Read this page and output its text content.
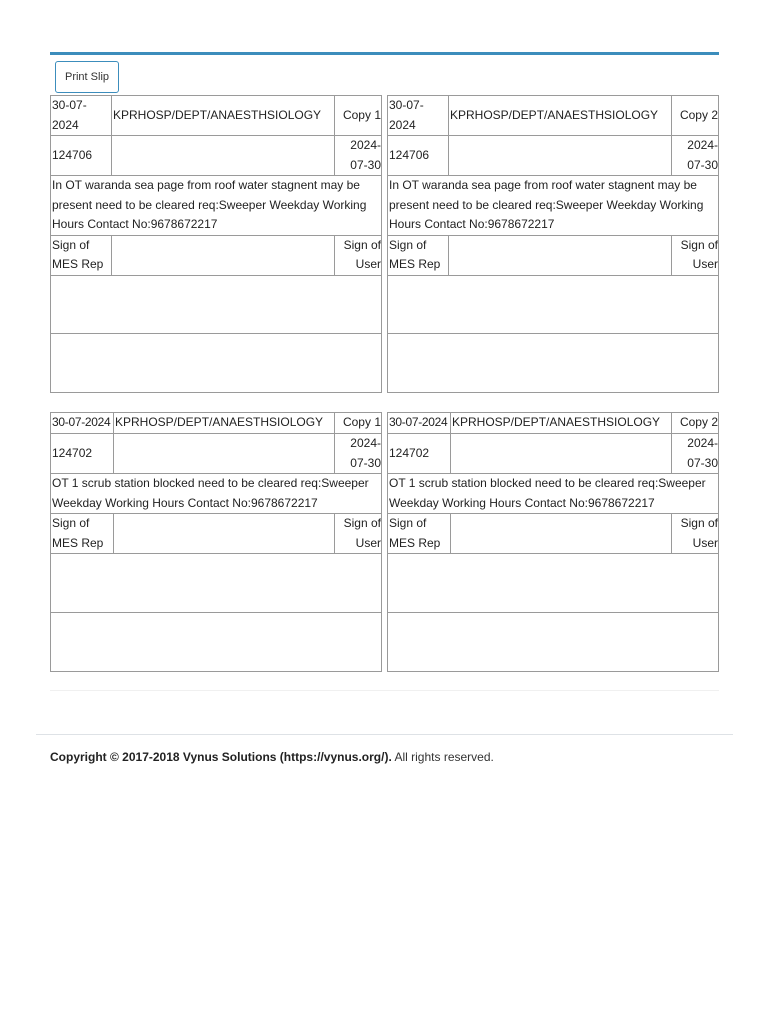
Print Slip
30-07-2024	KPRHOSP/DEPT/ANAESTHSIOLOGY	Copy 1
124706		2024-07-30
In OT waranda sea page from roof water stagnent may be present need to be cleared req:Sweeper Weekday Working Hours Contact No:9678672217		
Sign of MES Rep		Sign of User

30-07-2024	KPRHOSP/DEPT/ANAESTHSIOLOGY	Copy 2
124706		2024-07-30
In OT waranda sea page from roof water stagnent may be present need to be cleared req:Sweeper Weekday Working Hours Contact No:9678672217		
Sign of MES Rep		Sign of User

30-07-2024	KPRHOSP/DEPT/ANAESTHSIOLOGY	Copy 1
124702		2024-07-30
OT 1 scrub station blocked need to be cleared req:Sweeper Weekday Working Hours Contact No:9678672217		
Sign of MES Rep		Sign of User

30-07-2024	KPRHOSP/DEPT/ANAESTHSIOLOGY	Copy 2
124702		2024-07-30
OT 1 scrub station blocked need to be cleared req:Sweeper Weekday Working Hours Contact No:9678672217		
Sign of MES Rep		Sign of User

Copyright © 2017-2018 Vynus Solutions (https://vynus.org/). All rights reserved.
